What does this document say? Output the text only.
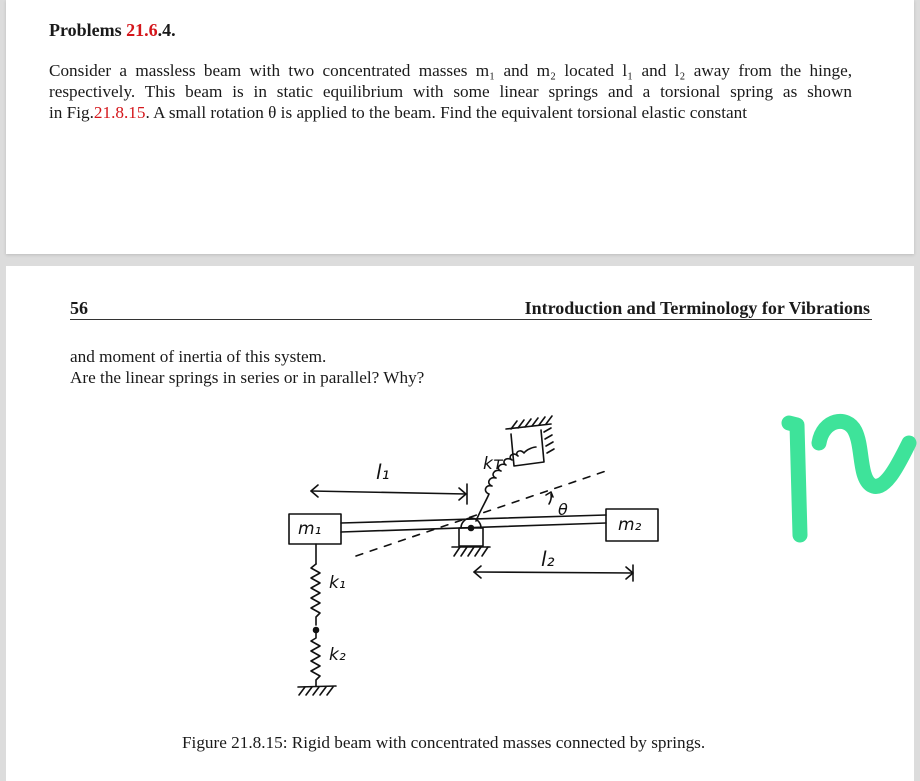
Problems 21.6.4.
Consider a massless beam with two concentrated masses m₁ and m₂ located l₁ and l₂ away from the hinge,
respectively. This beam is in static equilibrium with some linear springs and a torsional spring as shown
in Fig.21.8.15. A small rotation θ is applied to the beam. Find the equivalent torsional elastic constant
56	Introduction and Terminology for Vibrations
and moment of inertia of this system.
Are the linear springs in series or in parallel? Why?
m₁	m₂
l₁
l₂
k₁
k₂
kᴛ
θ
Figure 21.8.15: Rigid beam with concentrated masses connected by springs.
12
